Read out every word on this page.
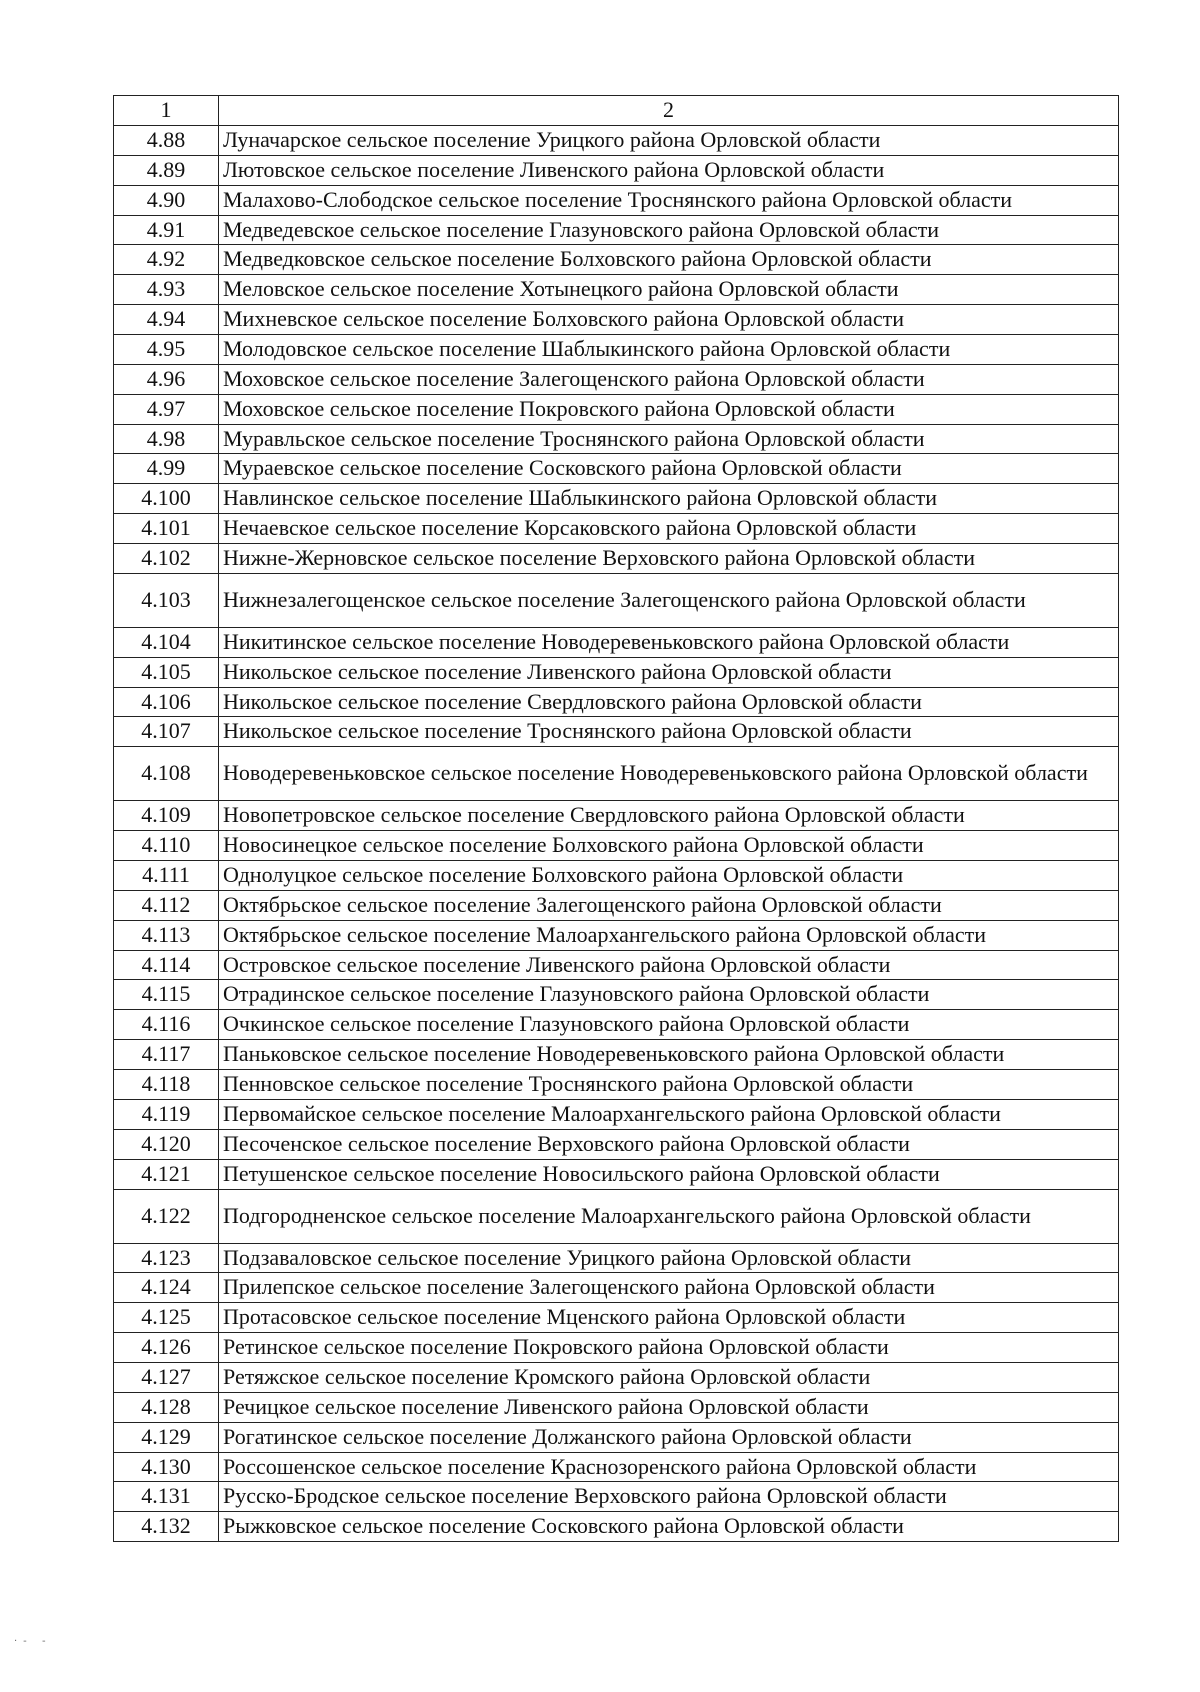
1	2
4.88	Луначарское сельское поселение Урицкого района Орловской области
4.89	Лютовское сельское поселение Ливенского района Орловской области
4.90	Малахово-Слободское сельское поселение Троснянского района Орловской области
4.91	Медведевское сельское поселение Глазуновского района Орловской области
4.92	Медведковское сельское поселение Болховского района Орловской области
4.93	Меловское сельское поселение Хотынецкого района Орловской области
4.94	Михневское сельское поселение Болховского района Орловской области
4.95	Молодовское сельское поселение Шаблыкинского района Орловской области
4.96	Моховское сельское поселение Залегощенского района Орловской области
4.97	Моховское сельское поселение Покровского района Орловской области
4.98	Муравльское сельское поселение Троснянского района Орловской области
4.99	Мураевское сельское поселение Сосковского района Орловской области
4.100	Навлинское сельское поселение Шаблыкинского района Орловской области
4.101	Нечаевское сельское поселение Корсаковского района Орловской области
4.102	Нижне-Жерновское сельское поселение Верховского района Орловской области
4.103	Нижнезалегощенское сельское поселение Залегощенского района Орловской области
4.104	Никитинское сельское поселение Новодеревеньковского района Орловской области
4.105	Никольское сельское поселение Ливенского района Орловской области
4.106	Никольское сельское поселение Свердловского района Орловской области
4.107	Никольское сельское поселение Троснянского района Орловской области
4.108	Новодеревеньковское сельское поселение Новодеревеньковского района Орловской области
4.109	Новопетровское сельское поселение Свердловского района Орловской области
4.110	Новосинецкое сельское поселение Болховского района Орловской области
4.111	Однолуцкое сельское поселение Болховского района Орловской области
4.112	Октябрьское сельское поселение Залегощенского района Орловской области
4.113	Октябрьское сельское поселение Малоархангельского района Орловской области
4.114	Островское сельское поселение Ливенского района Орловской области
4.115	Отрадинское сельское поселение Глазуновского района Орловской области
4.116	Очкинское сельское поселение Глазуновского района Орловской области
4.117	Паньковское сельское поселение Новодеревеньковского района Орловской области
4.118	Пенновское сельское поселение Троснянского района Орловской области
4.119	Первомайское сельское поселение Малоархангельского района Орловской области
4.120	Песоченское сельское поселение Верховского района Орловской области
4.121	Петушенское сельское поселение Новосильского района Орловской области
4.122	Подгородненское сельское поселение Малоархангельского района Орловской области
4.123	Подзаваловское сельское поселение Урицкого района Орловской области
4.124	Прилепское сельское поселение Залегощенского района Орловской области
4.125	Протасовское сельское поселение Мценского района Орловской области
4.126	Ретинское сельское поселение Покровского района Орловской области
4.127	Ретяжское сельское поселение Кромского района Орловской области
4.128	Речицкое сельское поселение Ливенского района Орловской области
4.129	Рогатинское сельское поселение Должанского района Орловской области
4.130	Россошенское сельское поселение Краснозоренского района Орловской области
4.131	Русско-Бродское сельское поселение Верховского района Орловской области
4.132	Рыжковское сельское поселение Сосковского района Орловской области
·- -
